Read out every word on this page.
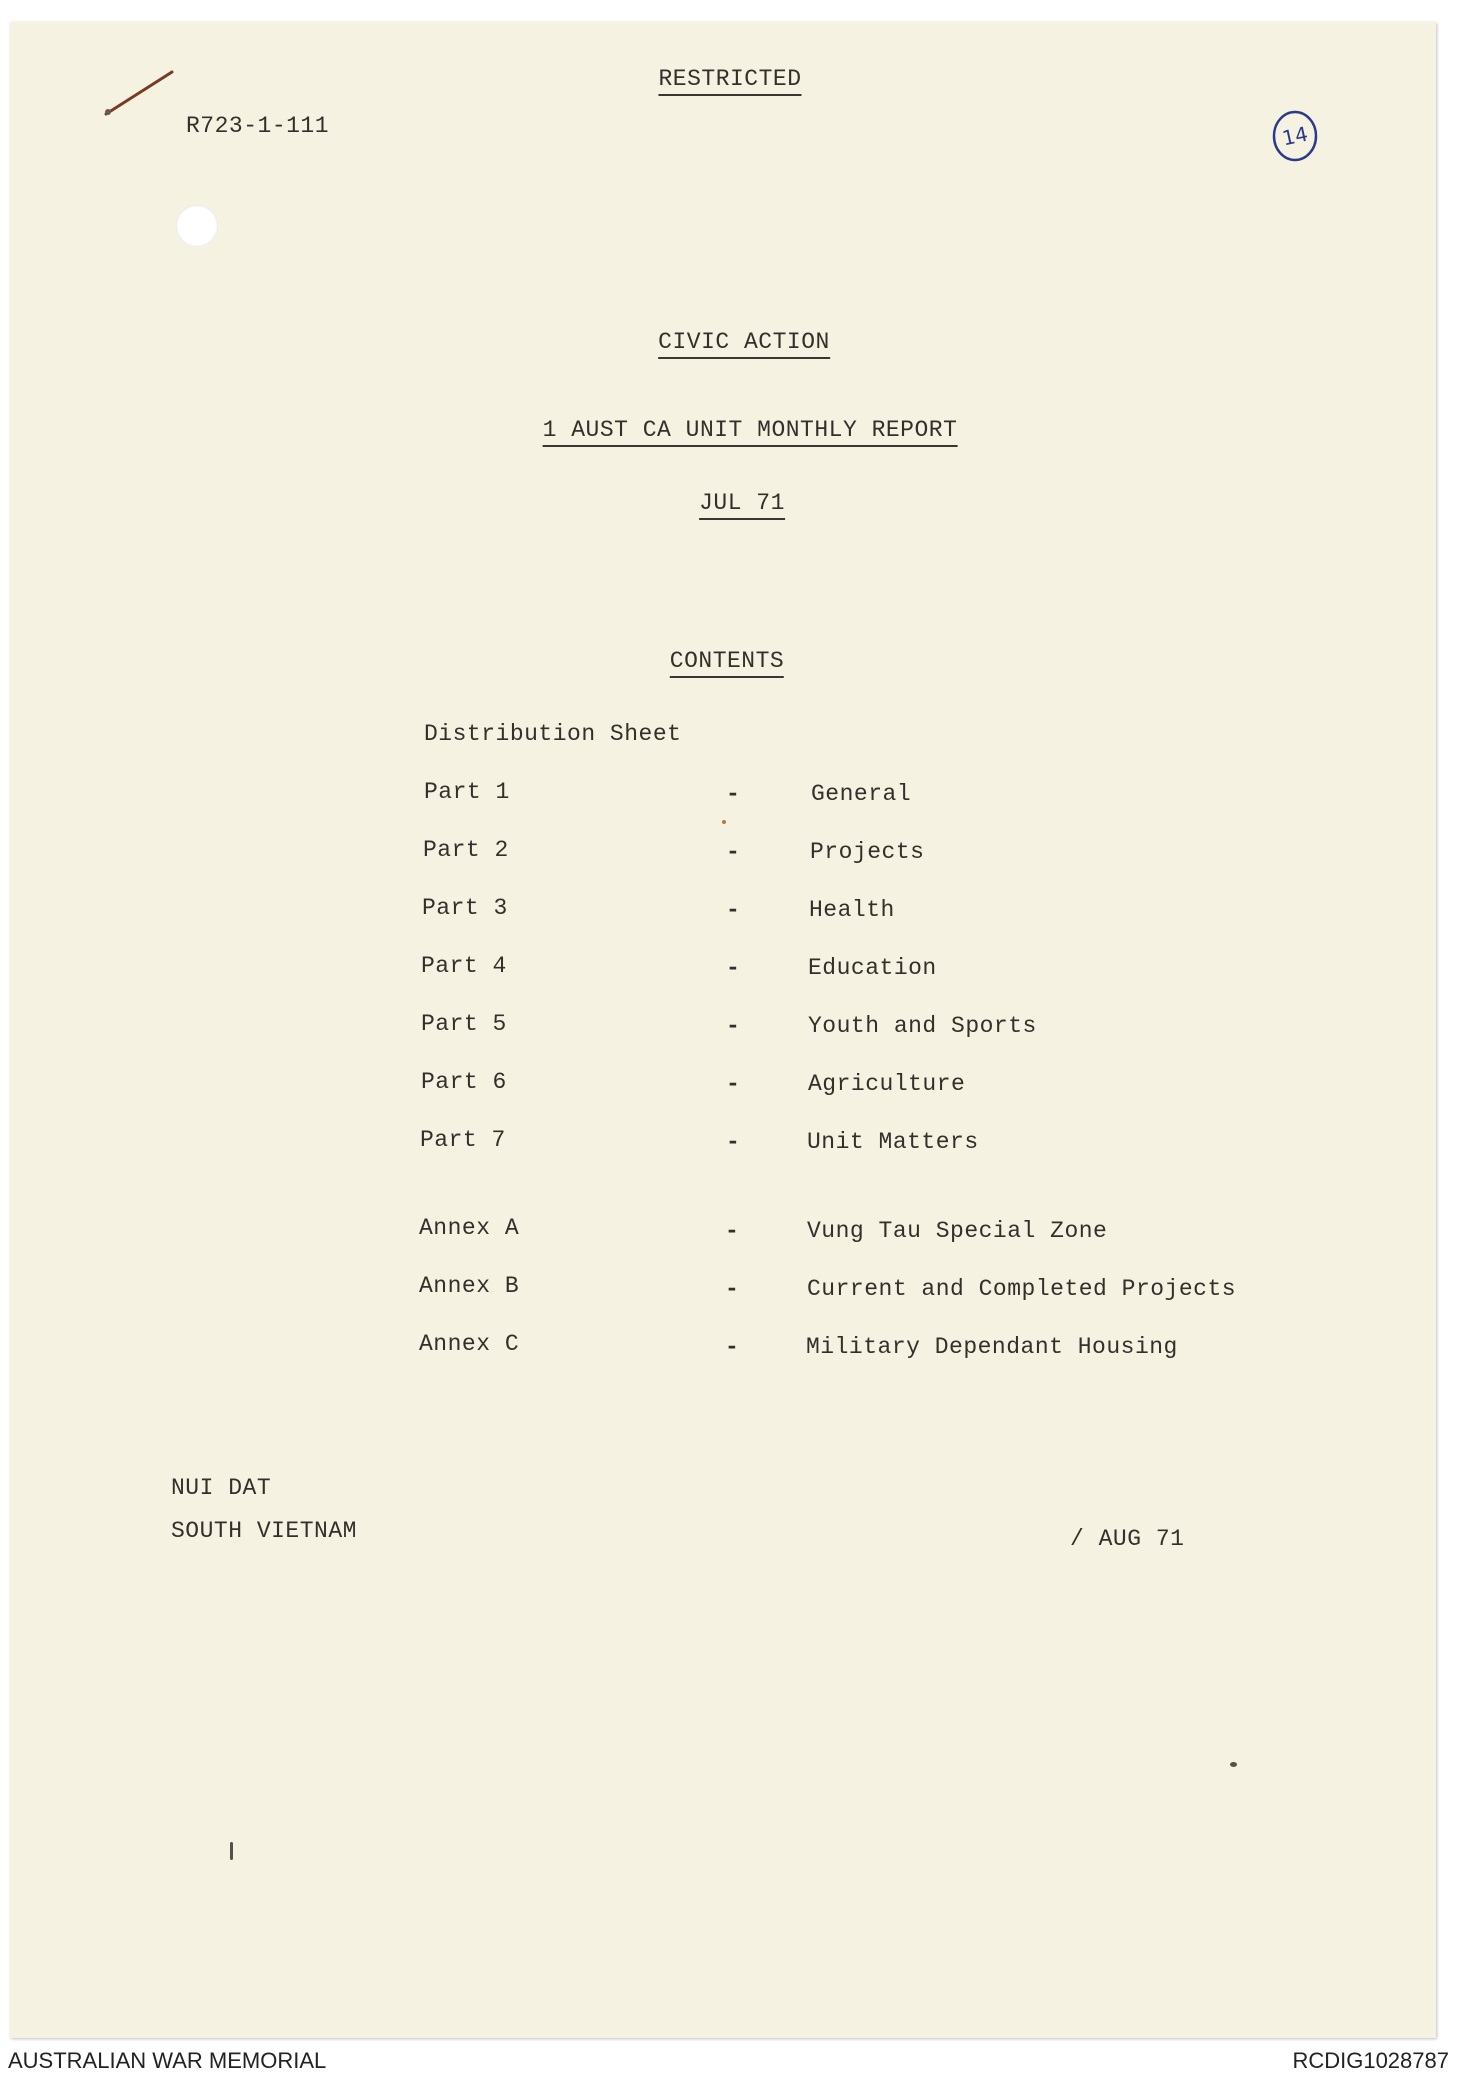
14
RESTRICTED
R723-1-111
CIVIC ACTION
1 AUST CA UNIT MONTHLY REPORT
JUL 71
CONTENTS
Distribution Sheet
Part 1	-	General
Part 2	-	Projects
Part 3	-	Health
Part 4	-	Education
Part 5	-	Youth and Sports
Part 6	-	Agriculture
Part 7	-	Unit Matters
Annex A	-	Vung Tau Special Zone
Annex B	-	Current and Completed Projects
Annex C	-	Military Dependant Housing
NUI DAT
SOUTH VIETNAM	/ AUG 71
AUSTRALIAN WAR MEMORIAL	RCDIG1028787
